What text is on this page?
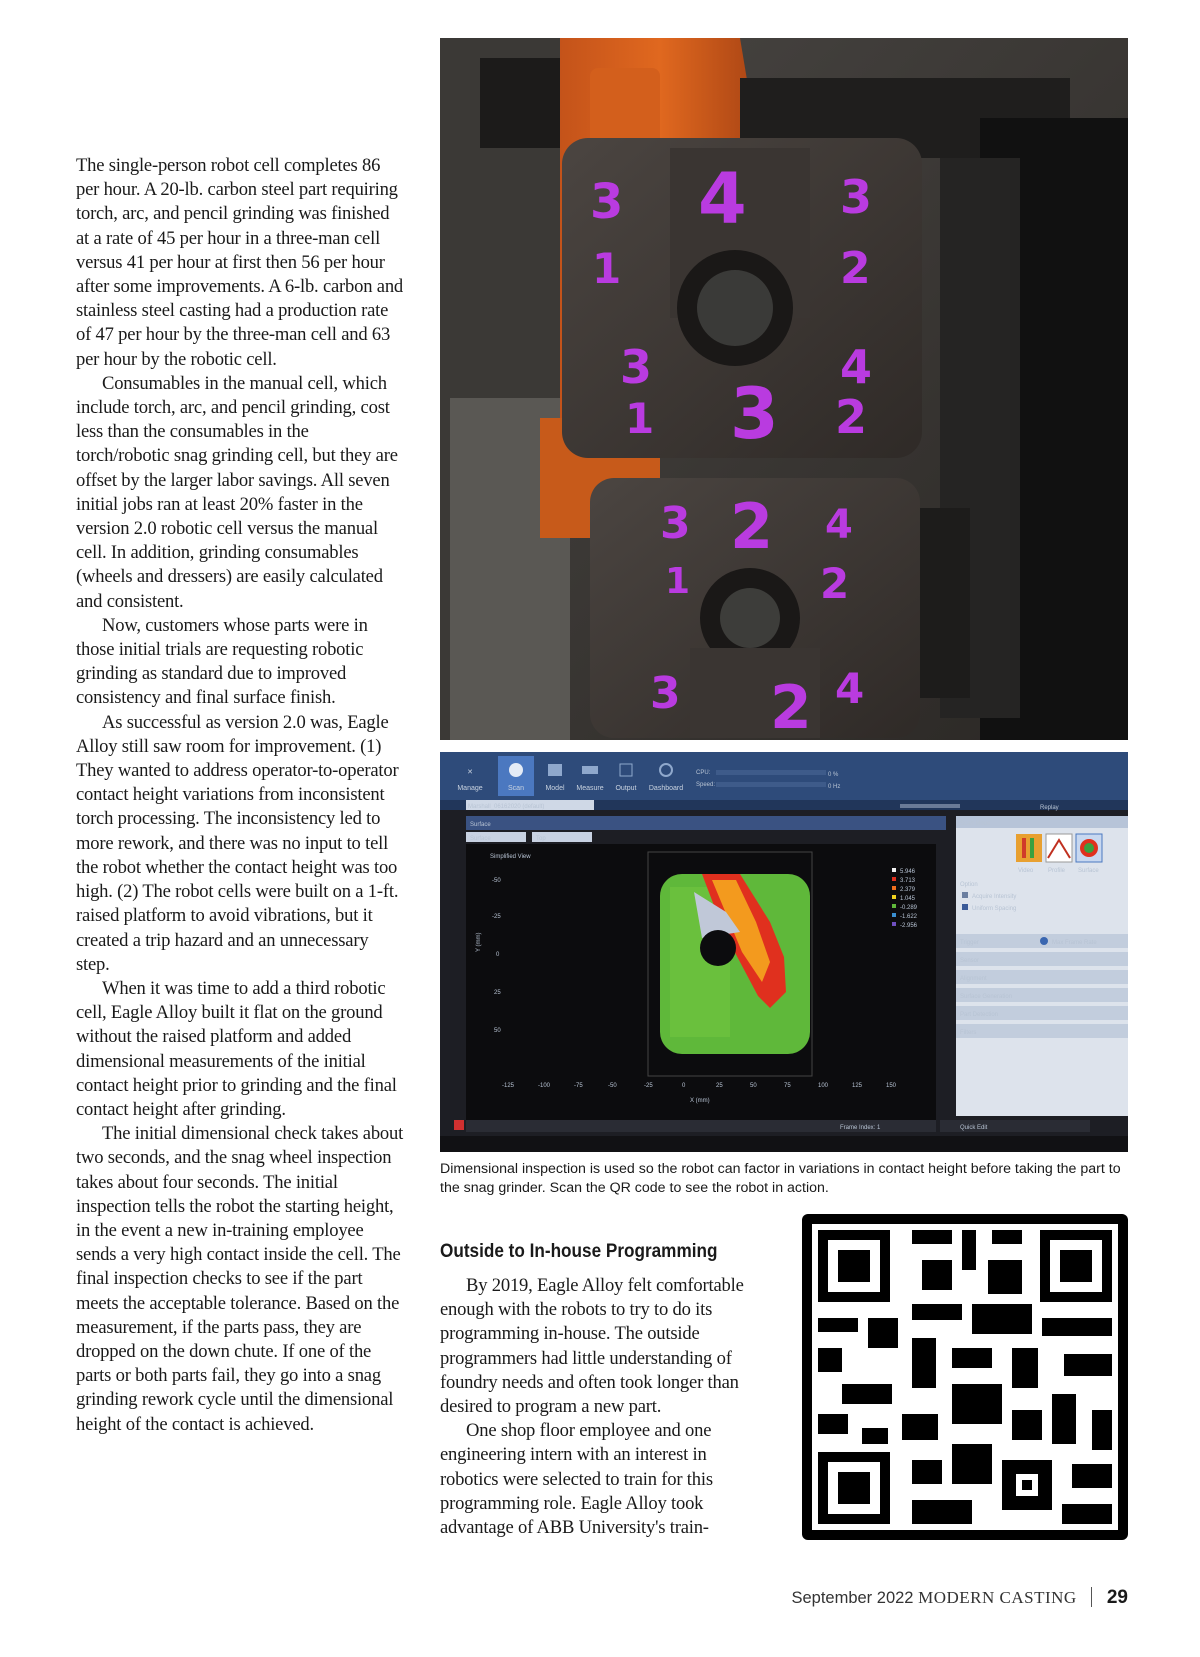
The single-person robot cell completes 86 per hour. A 20-lb. carbon steel part requiring torch, arc, and pencil grinding was finished at a rate of 45 per hour in a three-man cell versus 41 per hour at first then 56 per hour after some improvements. A 6-lb. carbon and stainless steel casting had a production rate of 47 per hour by the three-man cell and 63 per hour by the robotic cell.

Consumables in the manual cell, which include torch, arc, and pencil grinding, cost less than the consumables in the torch/robotic snag grinding cell, but they are offset by the larger labor savings. All seven initial jobs ran at least 20% faster in the version 2.0 robotic cell versus the manual cell. In addition, grinding consumables (wheels and dressers) are easily calculated and consistent.

Now, customers whose parts were in those initial trials are requesting robotic grinding as standard due to improved consistency and final surface finish.

As successful as version 2.0 was, Eagle Alloy still saw room for improvement. (1) They wanted to address operator-to-operator contact height variations from inconsistent torch processing. The inconsistency led to more rework, and there was no input to tell the robot whether the contact height was too high. (2) The robot cells were built on a 1-ft. raised platform to avoid vibrations, but it created a trip hazard and an unnecessary step.

When it was time to add a third robotic cell, Eagle Alloy built it flat on the ground without the raised platform and added dimensional measurements of the initial contact height prior to grinding and the final contact height after grinding.

The initial dimensional check takes about two seconds, and the snag wheel inspection takes about four seconds. The initial inspection tells the robot the starting height, in the event a new in-training employee sends a very high contact inside the cell. The final inspection checks to see if the part meets the acceptable tolerance. Based on the measurement, if the parts pass, they are dropped on the down chute. If one of the parts or both parts fail, they go into a snag grinding rework cycle until the dimensional height of the contact is achieved.

3 4 3
1	2
3	4
1 3 2
3 2 4
1	2
3	4
2
✕
Manage	Scan	Model Measure Output Dashboard
CPU:	0 %
Speed:	0 Hz
Marshall_06162020 (default)	Replay
Surface
Surface	Top
Simplified View
5.946
3.713
2.379
1.045
-0.289
-1.622
-2.956
-50
-25
0
25
50
Y (mm)
-125	-100	-75	-50	-25	0	25	50	75	100	125	150
X (mm)
Frame Index: 1	Quick Edit
Scan Mode
Video Profile Surface
Option
Acquire Intensity
Uniform Spacing
Trigger	Max Frame Rate
Sensor
Alignment
Surface Generation
Part Detection
Filters
Dimensional inspection is used so the robot can factor in variations in contact height before taking the part to the snag grinder. Scan the QR code to see the robot in action.
Outside to In-house Programming

By 2019, Eagle Alloy felt comfortable enough with the robots to try to do its programming in-house. The outside programmers had little understanding of foundry needs and often took longer than desired to program a new part.

One shop floor employee and one engineering intern with an interest in robotics were selected to train for this programming role. Eagle Alloy took advantage of ABB University's train-

September 2022 MODERN CASTING 29
